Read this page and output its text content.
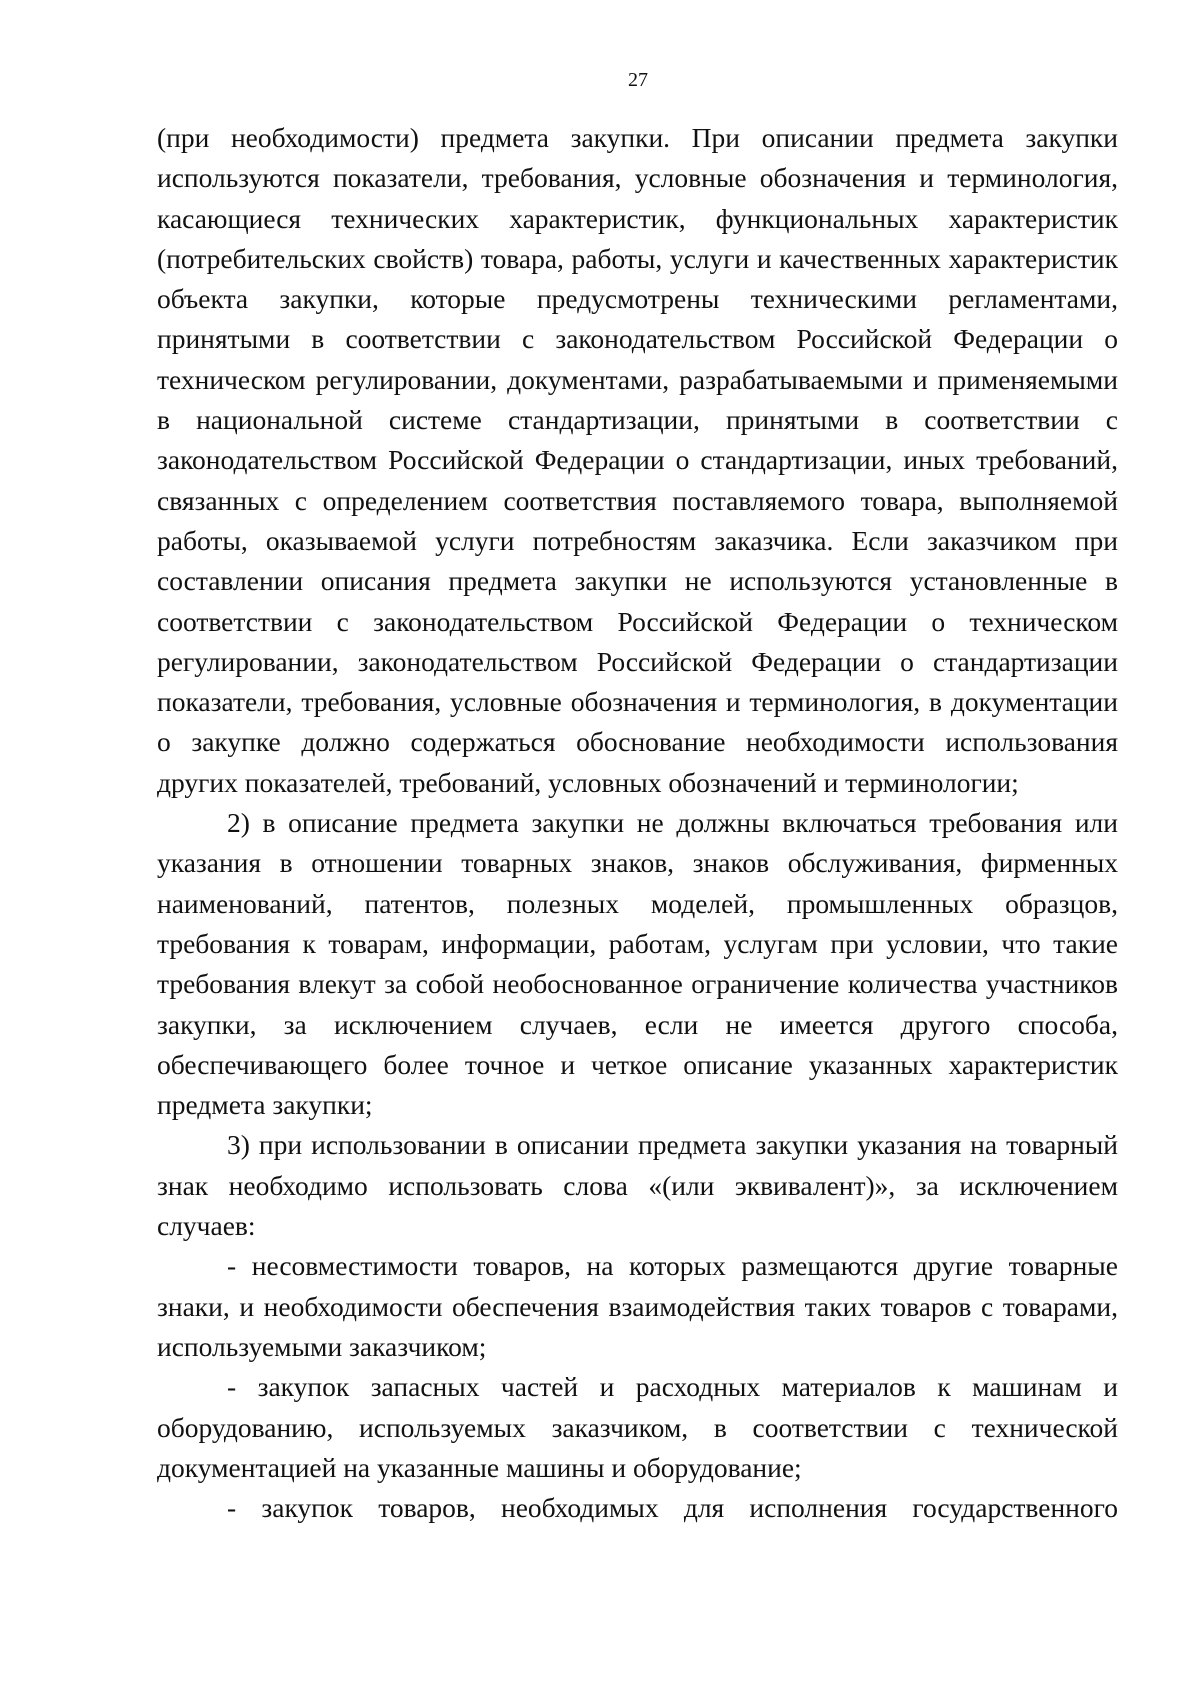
27

(при необходимости) предмета закупки. При описании предмета закупки используются показатели, требования, условные обозначения и терминология, касающиеся технических характеристик, функциональных характеристик (потребительских свойств) товара, работы, услуги и качественных характеристик объекта закупки, которые предусмотрены техническими регламентами, принятыми в соответствии с законодательством Российской Федерации о техническом регулировании, документами, разрабатываемыми и применяемыми в национальной системе стандартизации, принятыми в соответствии с законодательством Российской Федерации о стандартизации, иных требований, связанных с определением соответствия поставляемого товара, выполняемой работы, оказываемой услуги потребностям заказчика. Если заказчиком при составлении описания предмета закупки не используются установленные в соответствии с законодательством Российской Федерации о техническом регулировании, законодательством Российской Федерации о стандартизации показатели, требования, условные обозначения и терминология, в документации о закупке должно содержаться обоснование необходимости использования других показателей, требований, условных обозначений и терминологии;

2) в описание предмета закупки не должны включаться требования или указания в отношении товарных знаков, знаков обслуживания, фирменных наименований, патентов, полезных моделей, промышленных образцов, требования к товарам, информации, работам, услугам при условии, что такие требования влекут за собой необоснованное ограничение количества участников закупки, за исключением случаев, если не имеется другого способа, обеспечивающего более точное и четкое описание указанных характеристик предмета закупки;

3) при использовании в описании предмета закупки указания на товарный знак необходимо использовать слова «(или эквивалент)», за исключением случаев:

- несовместимости товаров, на которых размещаются другие товарные знаки, и необходимости обеспечения взаимодействия таких товаров с товарами, используемыми заказчиком;

- закупок запасных частей и расходных материалов к машинам и оборудованию, используемых заказчиком, в соответствии с технической документацией на указанные машины и оборудование;

- закупок товаров, необходимых для исполнения государственного
